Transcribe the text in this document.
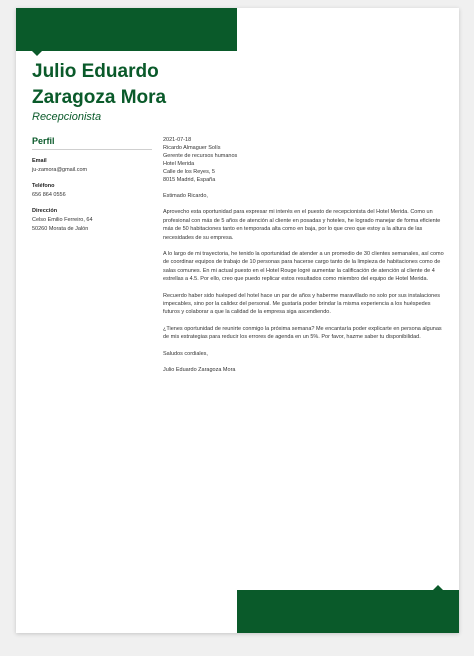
Julio Eduardo
Zaragoza Mora
Recepcionista
Perfil
Email
ju-zamora@gmail.com
Teléfono
656 864 0556
Dirección
Celso Emilio Ferreiro, 64
50260 Morata de Jalón
2021-07-18
Ricardo Almaguer Solís
Gerente de recursos humanos
Hotel Merida
Calle de los Reyes, 5
8015 Madrid, España

Estimado Ricardo,

Aprovecho esta oportunidad para expresar mi interés en el puesto de recepcionista del Hotel Merida. Como un profesional con más de 5 años de atención al cliente en posadas y hoteles, he logrado manejar de forma eficiente más de 50 habitaciones tanto en temporada alta como en baja, por lo que creo que estoy a la altura de las necesidades de su empresa.

A lo largo de mi trayectoria, he tenido la oportunidad de atender a un promedio de 30 clientes semanales, así como de coordinar equipos de trabajo de 10 personas para hacerse cargo tanto de la limpieza de habitaciones como de salas comunes. En mi actual puesto en el Hotel Rouge logré aumentar la calificación de atención al cliente de 4 estrellas a 4.5. Por ello, creo que puedo replicar estos resultados como miembro del equipo de Hotel Merida.

Recuerdo haber sido huésped del hotel hace un par de años y haberme maravillado no solo por sus instalaciones impecables, sino por la calidez del personal. Me gustaría poder brindar la misma experiencia a los huéspedes futuros y colaborar a que la calidad de la empresa siga ascendiendo.

¿Tienes oportunidad de reunirte conmigo la próxima semana? Me encantaría poder explicarte en persona algunas de mis estrategias para reducir los errores de agenda en un 5%. Por favor, hazme saber tu disponibilidad.

Saludos cordiales,

Julio Eduardo Zaragoza Mora
